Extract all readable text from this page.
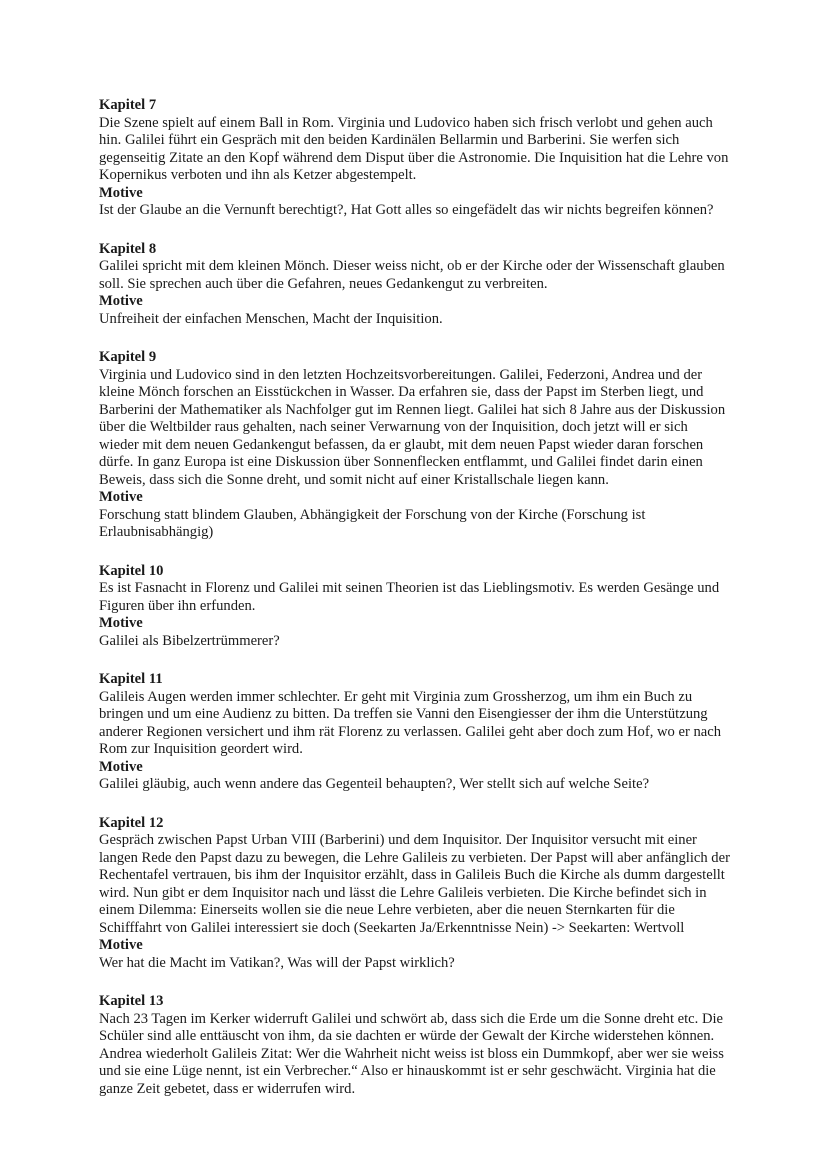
Kapitel 7

Die Szene spielt auf einem Ball in Rom. Virginia und Ludovico haben sich frisch verlobt und gehen auch hin. Galilei führt ein Gespräch mit den beiden Kardinälen Bellarmin und Barberini. Sie werfen sich gegenseitig Zitate an den Kopf während dem Disput über die Astronomie. Die Inquisition hat die Lehre von Kopernikus verboten und ihn als Ketzer abgestempelt.

Motive

Ist der Glaube an die Vernunft berechtigt?, Hat Gott alles so eingefädelt das wir nichts begreifen können?

Kapitel 8

Galilei spricht mit dem kleinen Mönch. Dieser weiss nicht, ob er der Kirche oder der Wissenschaft glauben soll. Sie sprechen auch über die Gefahren, neues Gedankengut zu verbreiten.

Motive

Unfreiheit der einfachen Menschen, Macht der Inquisition.

Kapitel 9

Virginia und Ludovico sind in den letzten Hochzeitsvorbereitungen. Galilei, Federzoni, Andrea und der kleine Mönch forschen an Eisstückchen in Wasser. Da erfahren sie, dass der Papst im Sterben liegt, und Barberini der Mathematiker als Nachfolger gut im Rennen liegt. Galilei hat sich 8 Jahre aus der Diskussion über die Weltbilder raus gehalten, nach seiner Verwarnung von der Inquisition, doch jetzt will er sich wieder mit dem neuen Gedankengut befassen, da er glaubt, mit dem neuen Papst wieder daran forschen dürfe. In ganz Europa ist eine Diskussion über Sonnenflecken entflammt, und Galilei findet darin einen Beweis, dass sich die Sonne dreht, und somit nicht auf einer Kristallschale liegen kann.

Motive

Forschung statt blindem Glauben, Abhängigkeit der Forschung von der Kirche (Forschung ist Erlaubnisabhängig)

Kapitel 10

Es ist Fasnacht in Florenz und Galilei mit seinen Theorien ist das Lieblingsmotiv. Es werden Gesänge und Figuren über ihn erfunden.

Motive

Galilei als Bibelzertrümmerer?

Kapitel 11

Galileis Augen werden immer schlechter. Er geht mit Virginia zum Grossherzog, um ihm ein Buch zu bringen und um eine Audienz zu bitten. Da treffen sie Vanni den Eisengiesser der ihm die Unterstützung anderer Regionen versichert und ihm rät Florenz zu verlassen. Galilei geht aber doch zum Hof, wo er nach Rom zur Inquisition geordert wird.

Motive

Galilei gläubig, auch wenn andere das Gegenteil behaupten?, Wer stellt sich auf welche Seite?

Kapitel 12

Gespräch zwischen Papst Urban VIII (Barberini) und dem Inquisitor. Der Inquisitor versucht mit einer langen Rede den Papst dazu zu bewegen, die Lehre Galileis zu verbieten. Der Papst will aber anfänglich der Rechentafel vertrauen, bis ihm der Inquisitor erzählt, dass in Galileis Buch die Kirche als dumm dargestellt wird. Nun gibt er dem Inquisitor nach und lässt die Lehre Galileis verbieten. Die Kirche befindet sich in einem Dilemma: Einerseits wollen sie die neue Lehre verbieten, aber die neuen Sternkarten für die Schifffahrt von Galilei interessiert sie doch (Seekarten Ja/Erkenntnisse Nein) -> Seekarten: Wertvoll

Motive

Wer hat die Macht im Vatikan?, Was will der Papst wirklich?

Kapitel 13

Nach 23 Tagen im Kerker widerruft Galilei und schwört ab, dass sich die Erde um die Sonne dreht etc. Die Schüler sind alle enttäuscht von ihm, da sie dachten er würde der Gewalt der Kirche widerstehen können. Andrea wiederholt Galileis Zitat: Wer die Wahrheit nicht weiss ist bloss ein Dummkopf, aber wer sie weiss und sie eine Lüge nennt, ist ein Verbrecher.“ Also er hinauskommt ist er sehr geschwächt. Virginia hat die ganze Zeit gebetet, dass er widerrufen wird.
